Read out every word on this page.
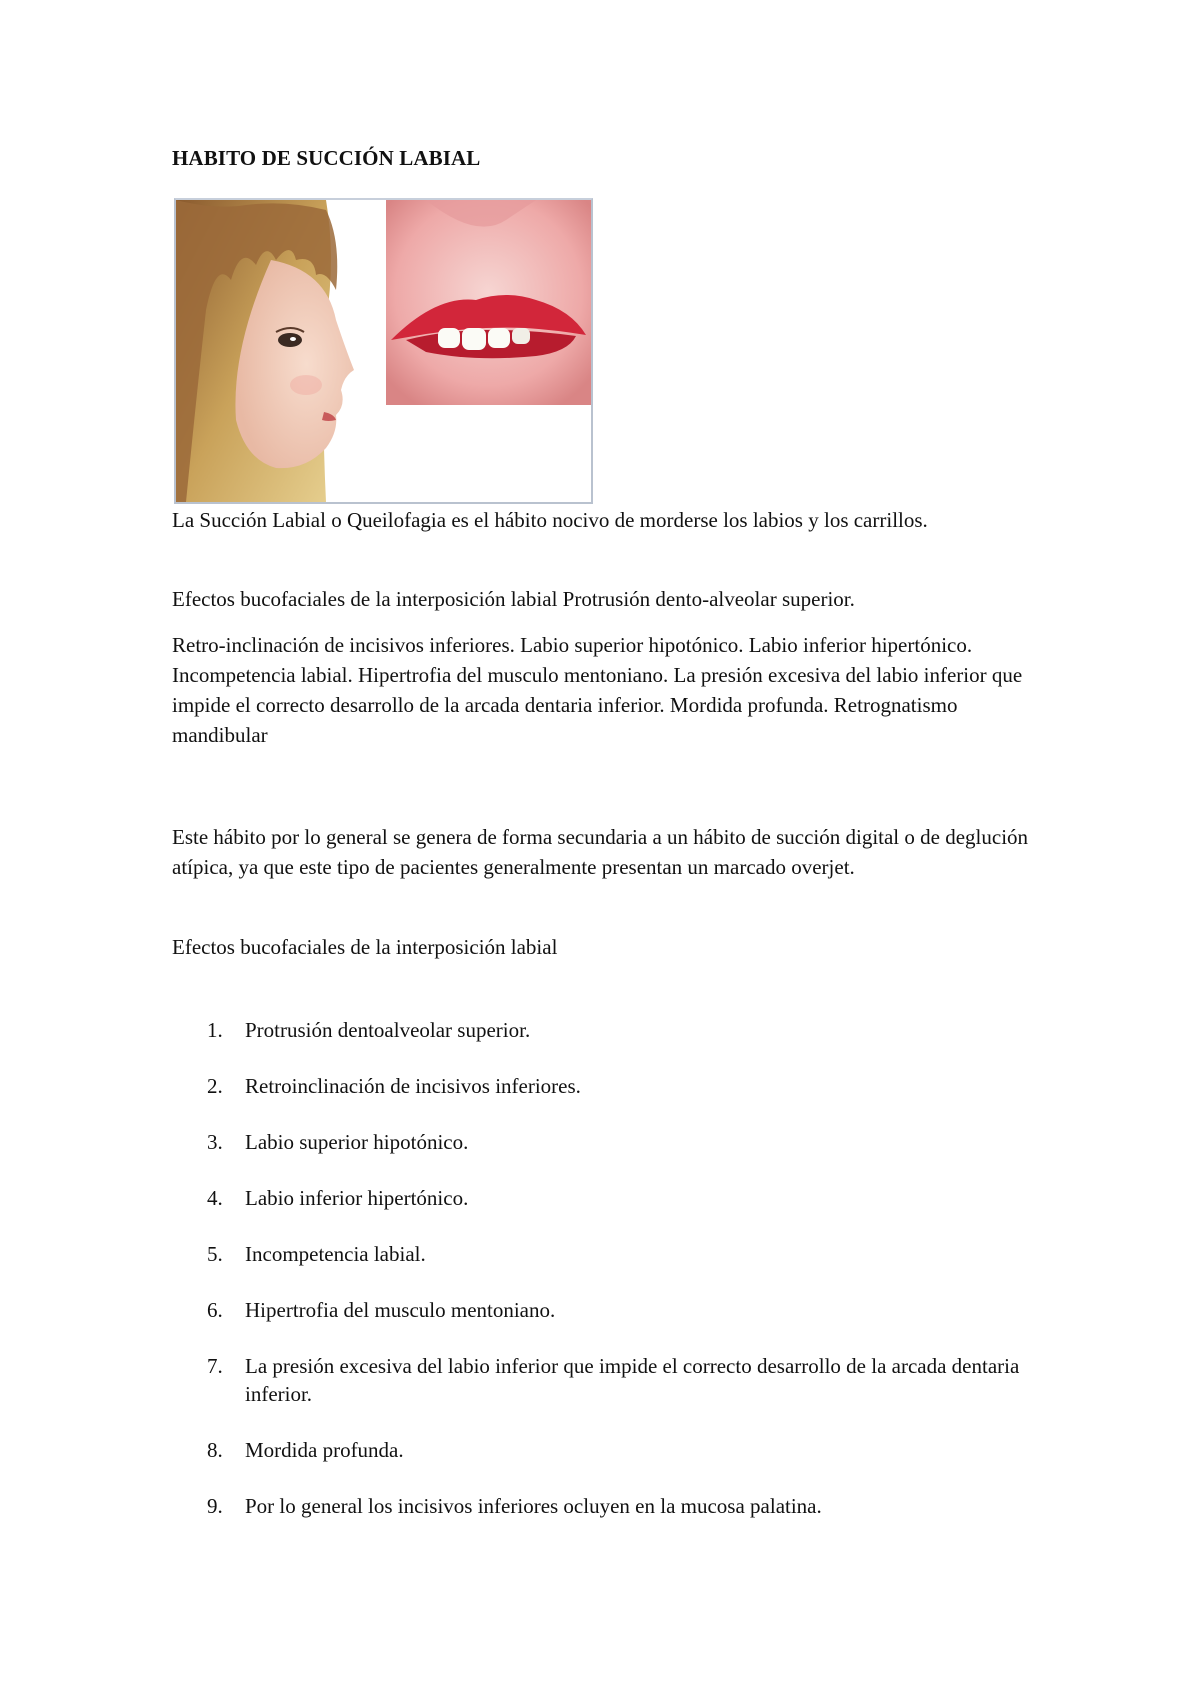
HABITO DE SUCCIÓN LABIAL

La Succión Labial o Queilofagia es el hábito nocivo de morderse los labios y los carrillos.

Efectos bucofaciales de la interposición labial Protrusión dento-alveolar superior.

Retro-inclinación de incisivos inferiores. Labio superior hipotónico. Labio inferior hipertónico. Incompetencia labial. Hipertrofia del musculo mentoniano. La presión excesiva del labio inferior que impide el correcto desarrollo de la arcada dentaria inferior. Mordida profunda. Retrognatismo mandibular

Este hábito por lo general se genera de forma secundaria a un hábito de succión digital o de deglución atípica, ya que este tipo de pacientes generalmente presentan un marcado overjet.

Efectos bucofaciales de la interposición labial

1.	Protrusión dentoalveolar superior.
2.	Retroinclinación de incisivos inferiores.
3.	Labio superior hipotónico.
4.	Labio inferior hipertónico.
5.	Incompetencia labial.
6.	Hipertrofia del musculo mentoniano.
7.	La presión excesiva del labio inferior que impide el correcto desarrollo de la arcada dentaria inferior.
8.	Mordida profunda.
9.	Por lo general los incisivos inferiores ocluyen en la mucosa palatina.
